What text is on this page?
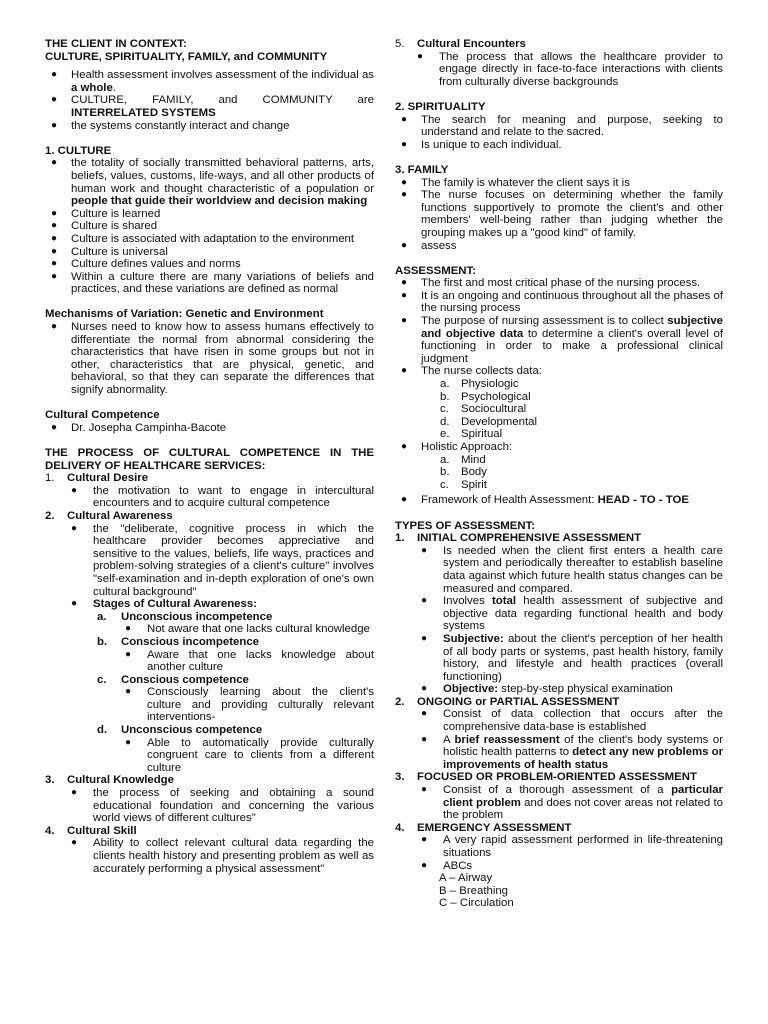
THE CLIENT IN CONTEXT:

CULTURE, SPIRITUALITY, FAMILY, and COMMUNITY

● Health assessment involves assessment of the individual as a whole.
● CULTURE, FAMILY, and COMMUNITY are INTERRELATED SYSTEMS
● the systems constantly interact and change

1. CULTURE

● the totality of socially transmitted behavioral patterns, arts, beliefs, values, customs, life-ways, and all other products of human work and thought characteristic of a population or people that guide their worldview and decision making
● Culture is learned
● Culture is shared
● Culture is associated with adaptation to the environment
● Culture is universal
● Culture defines values and norms
● Within a culture there are many variations of beliefs and practices, and these variations are defined as normal

Mechanisms of Variation: Genetic and Environment

● Nurses need to know how to assess humans effectively to differentiate the normal from abnormal considering the characteristics that have risen in some groups but not in other, characteristics that are physical, genetic, and behavioral, so that they can separate the differences that signify abnormality.

Cultural Competence

● Dr. Josepha Campinha-Bacote

THE PROCESS OF CULTURAL COMPETENCE IN THE DELIVERY OF HEALTHCARE SERVICES:

1. Cultural Desire
● the motivation to want to engage in intercultural encounters and to acquire cultural competence
2. Cultural Awareness
● the "deliberate, cognitive process in which the healthcare provider becomes appreciative and sensitive to the values, beliefs, life ways, practices and problem-solving strategies of a client's culture" involves "self-examination and in-depth exploration of one's own cultural background"
● Stages of Cultural Awareness:
a. Unconscious incompetence
● Not aware that one lacks cultural knowledge
b. Conscious incompetence
● Aware that one lacks knowledge about another culture
c. Conscious competence
● Consciously learning about the client's culture and providing culturally relevant interventions-
d. Unconscious competence
● Able to automatically provide culturally congruent care to clients from a different culture
3. Cultural Knowledge
● the process of seeking and obtaining a sound educational foundation and concerning the various world views of different cultures"
4. Cultural Skill
● Ability to collect relevant cultural data regarding the clients health history and presenting problem as well as accurately performing a physical assessment"
5. Cultural Encounters
● The process that allows the healthcare provider to engage directly in face-to-face interactions with clients from culturally diverse backgrounds

2. SPIRITUALITY

● The search for meaning and purpose, seeking to understand and relate to the sacred.
● Is unique to each individual.

3. FAMILY

● The family is whatever the client says it is
● The nurse focuses on determining whether the family functions supportively to promote the client's and other members' well-being rather than judging whether the grouping makes up a "good kind" of family.
● assess

ASSESSMENT:

● The first and most critical phase of the nursing process.
● It is an ongoing and continuous throughout all the phases of the nursing process
● The purpose of nursing assessment is to collect subjective and objective data to determine a client's overall level of functioning in order to make a professional clinical judgment
● The nurse collects data:
a. Physiologic
b. Psychological
c. Sociocultural
d. Developmental
e. Spiritual
● Holistic Approach:
a. Mind
b. Body
c. Spirit
● Framework of Health Assessment: HEAD - TO - TOE

TYPES OF ASSESSMENT:

1. INITIAL COMPREHENSIVE ASSESSMENT
● Is needed when the client first enters a health care system and periodically thereafter to establish baseline data against which future health status changes can be measured and compared.
● Involves total health assessment of subjective and objective data regarding functional health and body systems
● Subjective: about the client's perception of her health of all body parts or systems, past health history, family history, and lifestyle and health practices (overall functioning)
● Objective: step-by-step physical examination
2. ONGOING or PARTIAL ASSESSMENT
● Consist of data collection that occurs after the comprehensive data-base is established
● A brief reassessment of the client's body systems or holistic health patterns to detect any new problems or improvements of health status
3. FOCUSED OR PROBLEM-ORIENTED ASSESSMENT
● Consist of a thorough assessment of a particular client problem and does not cover areas not related to the problem
4. EMERGENCY ASSESSMENT
● A very rapid assessment performed in life-threatening situations
● ABCs

A – Airway

B – Breathing

C – Circulation
